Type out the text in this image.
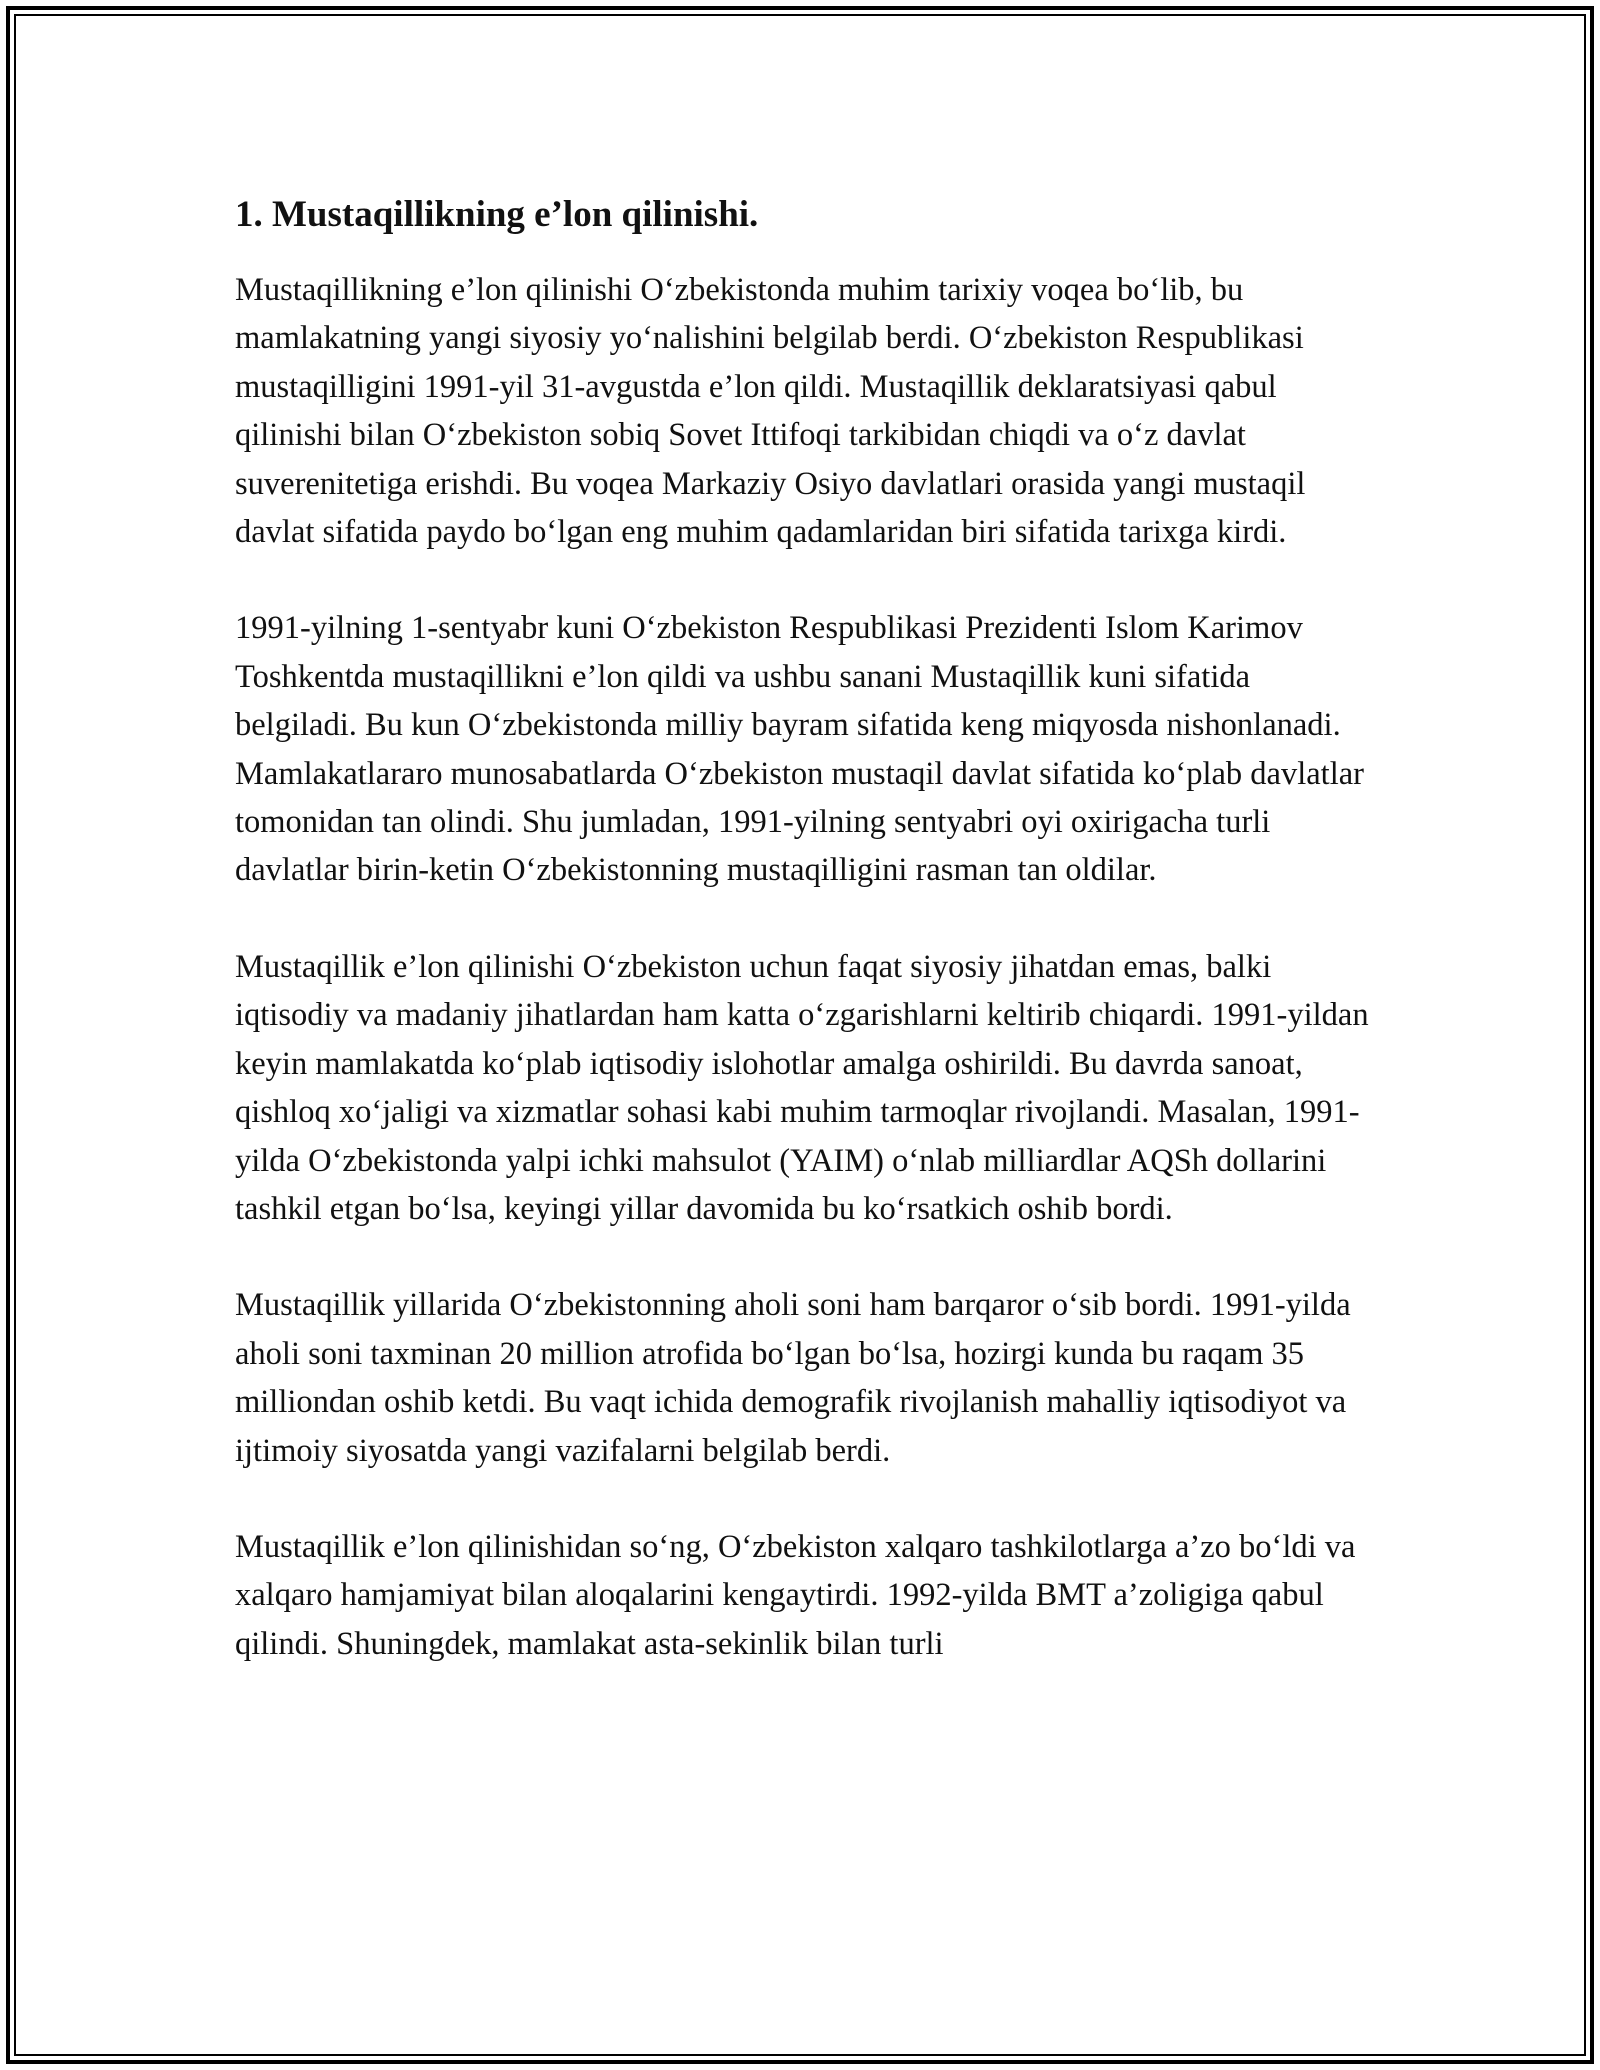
1. Mustaqillikning e’lon qilinishi.

Mustaqillikning e’lon qilinishi O‘zbekistonda muhim tarixiy voqea bo‘lib, bu mamlakatning yangi siyosiy yo‘nalishini belgilab berdi. O‘zbekiston Respublikasi mustaqilligini 1991-yil 31-avgustda e’lon qildi. Mustaqillik deklaratsiyasi qabul qilinishi bilan O‘zbekiston sobiq Sovet Ittifoqi tarkibidan chiqdi va o‘z davlat suverenitetiga erishdi. Bu voqea Markaziy Osiyo davlatlari orasida yangi mustaqil davlat sifatida paydo bo‘lgan eng muhim qadamlaridan biri sifatida tarixga kirdi.

1991-yilning 1-sentyabr kuni O‘zbekiston Respublikasi Prezidenti Islom Karimov Toshkentda mustaqillikni e’lon qildi va ushbu sanani Mustaqillik kuni sifatida belgiladi. Bu kun O‘zbekistonda milliy bayram sifatida keng miqyosda nishonlanadi. Mamlakatlararo munosabatlarda O‘zbekiston mustaqil davlat sifatida ko‘plab davlatlar tomonidan tan olindi. Shu jumladan, 1991-yilning sentyabri oyi oxirigacha turli davlatlar birin-ketin O‘zbekistonning mustaqilligini rasman tan oldilar.

Mustaqillik e’lon qilinishi O‘zbekiston uchun faqat siyosiy jihatdan emas, balki iqtisodiy va madaniy jihatlardan ham katta o‘zgarishlarni keltirib chiqardi. 1991-yildan keyin mamlakatda ko‘plab iqtisodiy islohotlar amalga oshirildi. Bu davrda sanoat, qishloq xo‘jaligi va xizmatlar sohasi kabi muhim tarmoqlar rivojlandi. Masalan, 1991-yilda O‘zbekistonda yalpi ichki mahsulot (YAIM) o‘nlab milliardlar AQSh dollarini tashkil etgan bo‘lsa, keyingi yillar davomida bu ko‘rsatkich oshib bordi.

Mustaqillik yillarida O‘zbekistonning aholi soni ham barqaror o‘sib bordi. 1991-yilda aholi soni taxminan 20 million atrofida bo‘lgan bo‘lsa, hozirgi kunda bu raqam 35 milliondan oshib ketdi. Bu vaqt ichida demografik rivojlanish mahalliy iqtisodiyot va ijtimoiy siyosatda yangi vazifalarni belgilab berdi.

Mustaqillik e’lon qilinishidan so‘ng, O‘zbekiston xalqaro tashkilotlarga a’zo bo‘ldi va xalqaro hamjamiyat bilan aloqalarini kengaytirdi. 1992-yilda BMT a’zoligiga qabul qilindi. Shuningdek, mamlakat asta-sekinlik bilan turli
